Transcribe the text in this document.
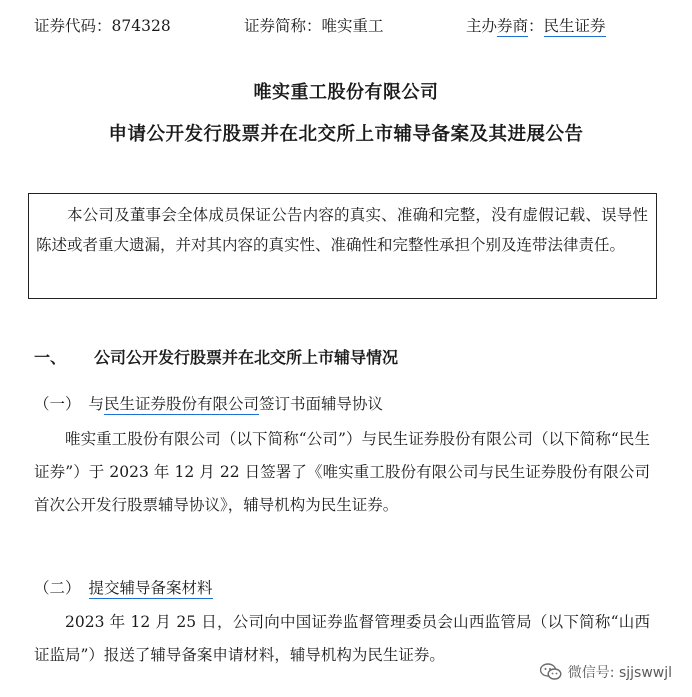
证券代码：874328	证券简称：唯实重工	主办券商：民生证券
唯实重工股份有限公司
申请公开发行股票并在北交所上市辅导备案及其进展公告
本公司及董事会全体成员保证公告内容的真实、准确和完整，没有虚假记载、误导性陈述或者重大遗漏，并对其内容的真实性、准确性和完整性承担个别及连带法律责任。
一、 公司公开发行股票并在北交所上市辅导情况
（一） 与民生证券股份有限公司签订书面辅导协议
唯实重工股份有限公司（以下简称“公司”）与民生证券股份有限公司（以下简称“民生证券”）于 2023 年 12 月 22 日签署了《唯实重工股份有限公司与民生证券股份有限公司首次公开发行股票辅导协议》，辅导机构为民生证券。
（二） 提交辅导备案材料
2023 年 12 月 25 日，公司向中国证券监督管理委员会山西监管局（以下简称“山西证监局”）报送了辅导备案申请材料，辅导机构为民生证券。
微信号: sjjswwjl
